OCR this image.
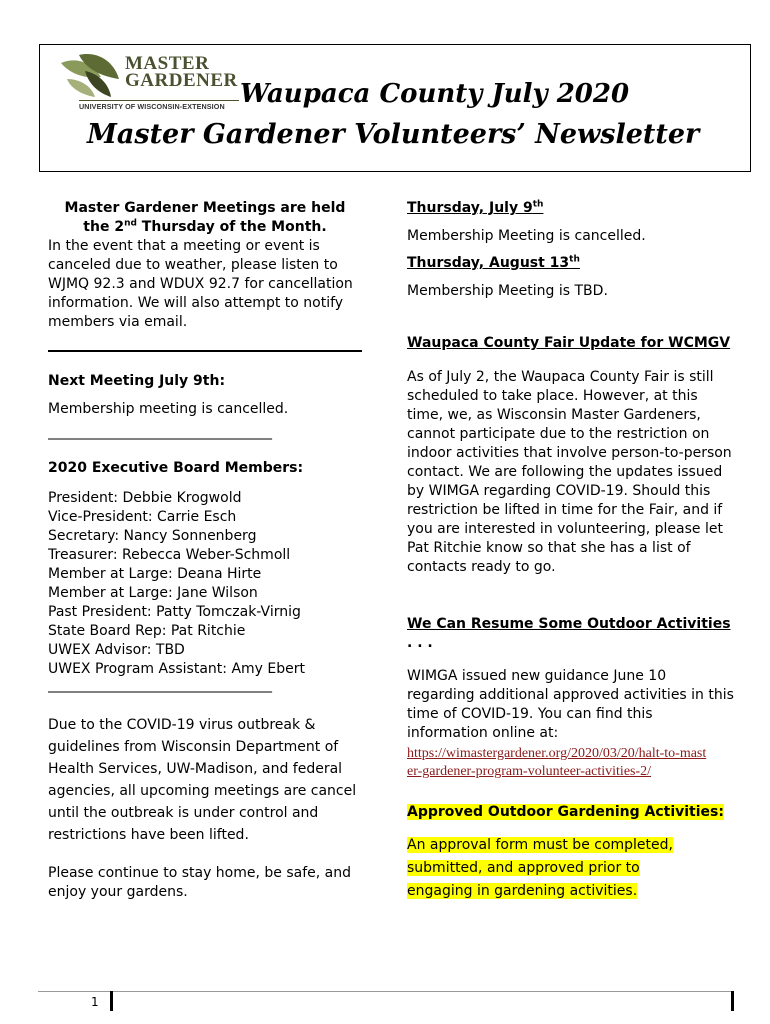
MASTER
GARDENER
UNIVERSITY OF WISCONSIN-EXTENSION Waupaca County July 2020
Master Gardener Volunteers’ Newsletter

Master Gardener Meetings are held

the 2nd Thursday of the Month.

In the event that a meeting or event is canceled due to weather, please listen to WJMQ 92.3 and WDUX 92.7 for cancellation information. We will also attempt to notify members via email.

Next Meeting July 9th:

Membership meeting is cancelled.

________________________________

2020 Executive Board Members:

President: Debbie Krogwold

Vice-President: Carrie Esch

Secretary: Nancy Sonnenberg

Treasurer: Rebecca Weber-Schmoll

Member at Large: Deana Hirte

Member at Large: Jane Wilson

Past President: Patty Tomczak-Virnig

State Board Rep: Pat Ritchie

UWEX Advisor: TBD

UWEX Program Assistant: Amy Ebert

________________________________

Due to the COVID-19 virus outbreak & guidelines from Wisconsin Department of Health Services, UW-Madison, and federal agencies, all upcoming meetings are cancel until the outbreak is under control and restrictions have been lifted.

Please continue to stay home, be safe, and enjoy your gardens.

Thursday, July 9th

Membership Meeting is cancelled.

Thursday, August 13th

Membership Meeting is TBD.

Waupaca County Fair Update for WCMGV

As of July 2, the Waupaca County Fair is still scheduled to take place. However, at this time, we, as Wisconsin Master Gardeners, cannot participate due to the restriction on indoor activities that involve person-to-person contact. We are following the updates issued by WIMGA regarding COVID-19. Should this restriction be lifted in time for the Fair, and if you are interested in volunteering, please let Pat Ritchie know so that she has a list of contacts ready to go.

We Can Resume Some Outdoor Activities . . .

WIMGA issued new guidance June 10 regarding additional approved activities in this time of COVID-19. You can find this information online at:

https://wimastergardener.org/2020/03/20/halt-to-master-gardener-program-volunteer-activities-2/

Approved Outdoor Gardening Activities:

An approval form must be completed, submitted, and approved prior to engaging in gardening activities.

1
